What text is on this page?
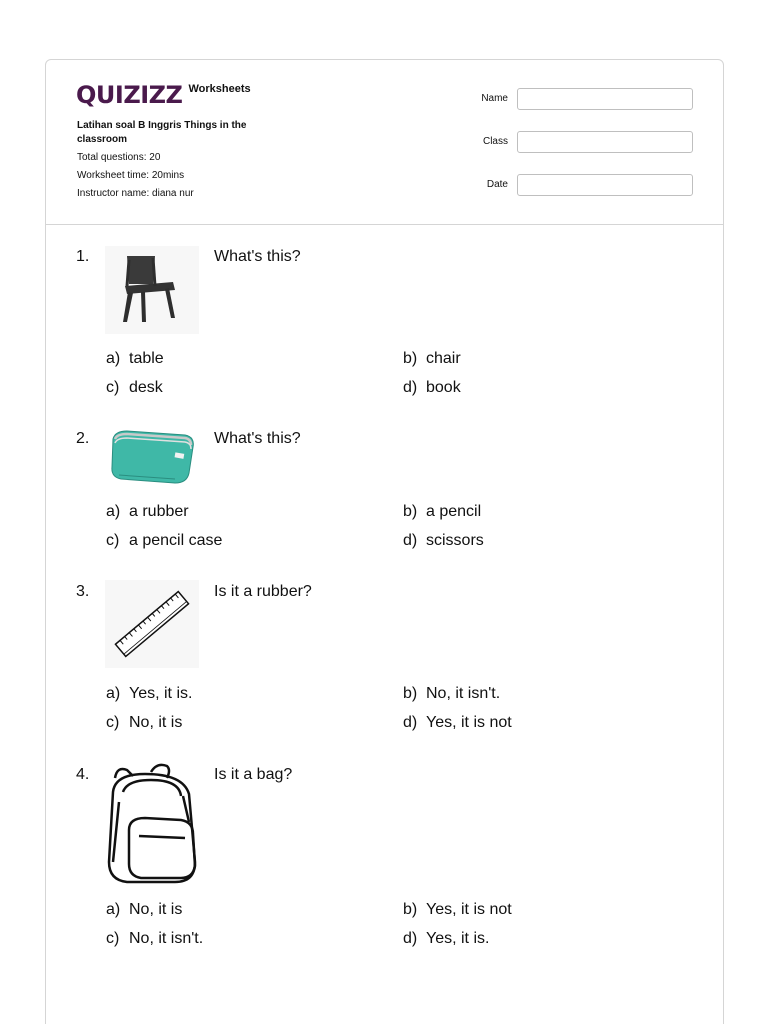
QUIZIZZ Worksheets
Latihan soal B Inggris Things in the classroom
Total questions: 20
Worksheet time: 20mins
Instructor name: diana nur
Name
Class
Date
1.	What's this?
a) table	b) chair
c) desk	d) book
2.	What's this?
a) a rubber	b) a pencil
c) a pencil case	d) scissors
3.	Is it a rubber?
a) Yes, it is.	b) No, it isn't.
c) No, it is	d) Yes, it is not
4.	Is it a bag?
a) No, it is	b) Yes, it is not
c) No, it isn't.	d) Yes, it is.
